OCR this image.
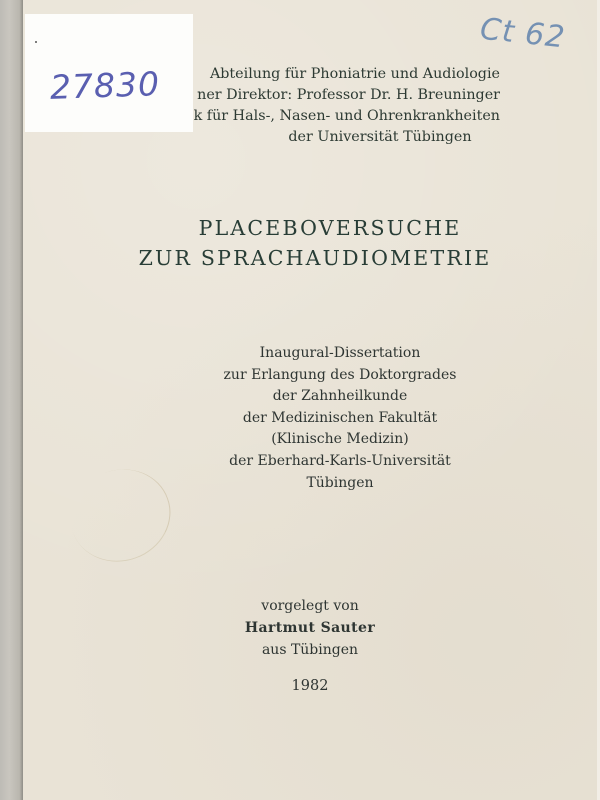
27830
Ct 62
Abteilung für Phoniatrie und Audiologie
ner Direktor: Professor Dr. H. Breuninger
k für Hals-, Nasen- und Ohrenkrankheiten
der Universität Tübingen
PLACEBOVERSUCHE
ZUR SPRACHAUDIOMETRIE
Inaugural-Dissertation
zur Erlangung des Doktorgrades
der Zahnheilkunde
der Medizinischen Fakultät
(Klinische Medizin)
der Eberhard-Karls-Universität
Tübingen
vorgelegt von
Hartmut Sauter
aus Tübingen
1982
